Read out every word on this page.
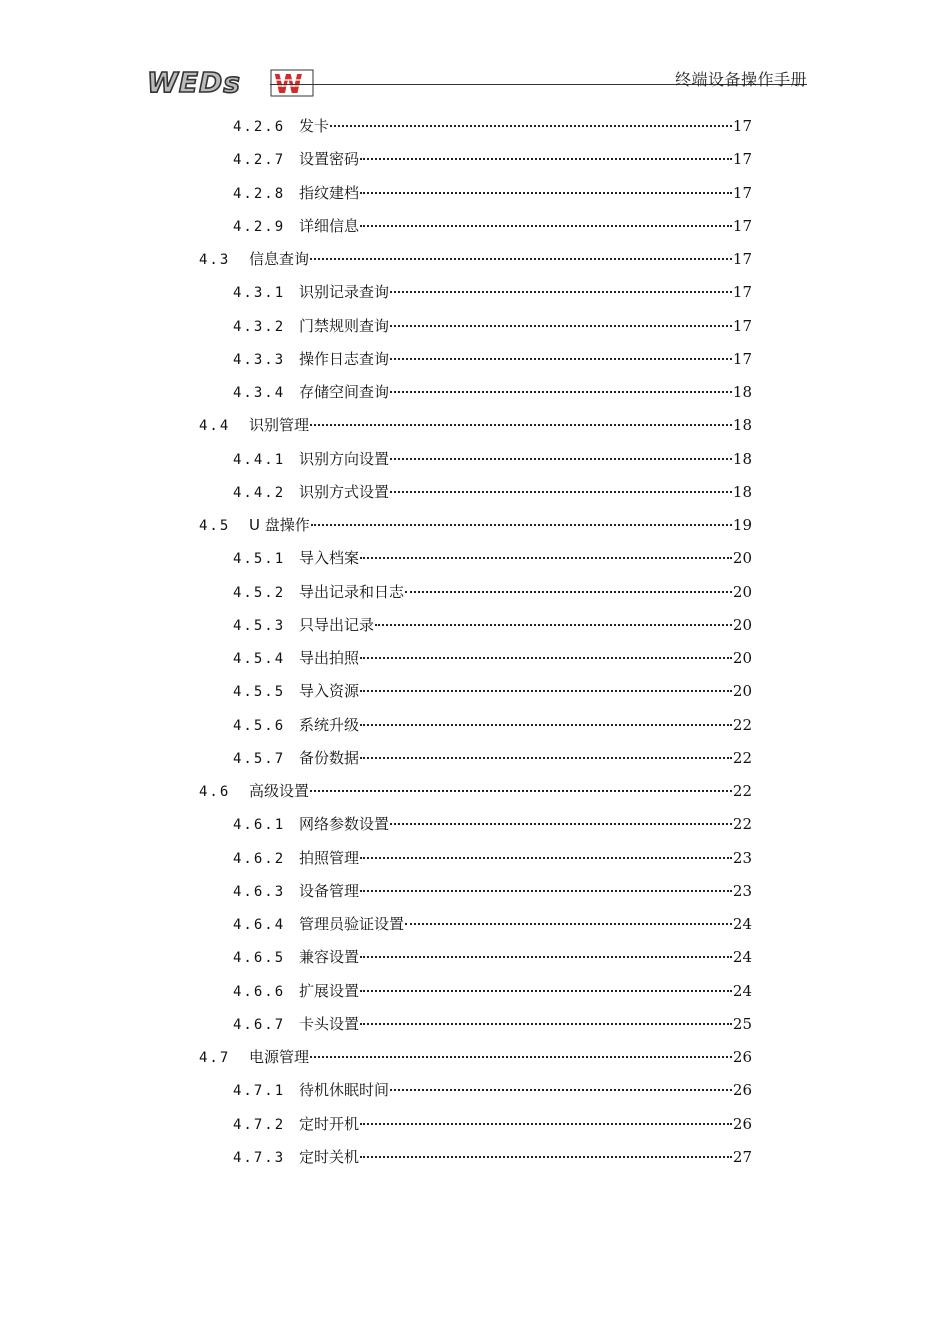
WEDs W	终端设备操作手册
4.2.6 发卡	17
4.2.7 设置密码	17
4.2.8 指纹建档	17
4.2.9 详细信息	17
4.3	信息查询	17
4.3.1 识别记录查询	17
4.3.2 门禁规则查询	17
4.3.3 操作日志查询	17
4.3.4 存储空间查询	18
4.4	识别管理	18
4.4.1 识别方向设置	18
4.4.2 识别方式设置	18
4.5	U 盘操作	19
4.5.1 导入档案	20
4.5.2 导出记录和日志	20
4.5.3 只导出记录	20
4.5.4 导出拍照	20
4.5.5 导入资源	20
4.5.6 系统升级	22
4.5.7 备份数据	22
4.6	高级设置	22
4.6.1 网络参数设置	22
4.6.2 拍照管理	23
4.6.3 设备管理	23
4.6.4 管理员验证设置	24
4.6.5 兼容设置	24
4.6.6 扩展设置	24
4.6.7 卡头设置	25
4.7	电源管理	26
4.7.1 待机休眠时间	26
4.7.2 定时开机	26
4.7.3 定时关机	27
